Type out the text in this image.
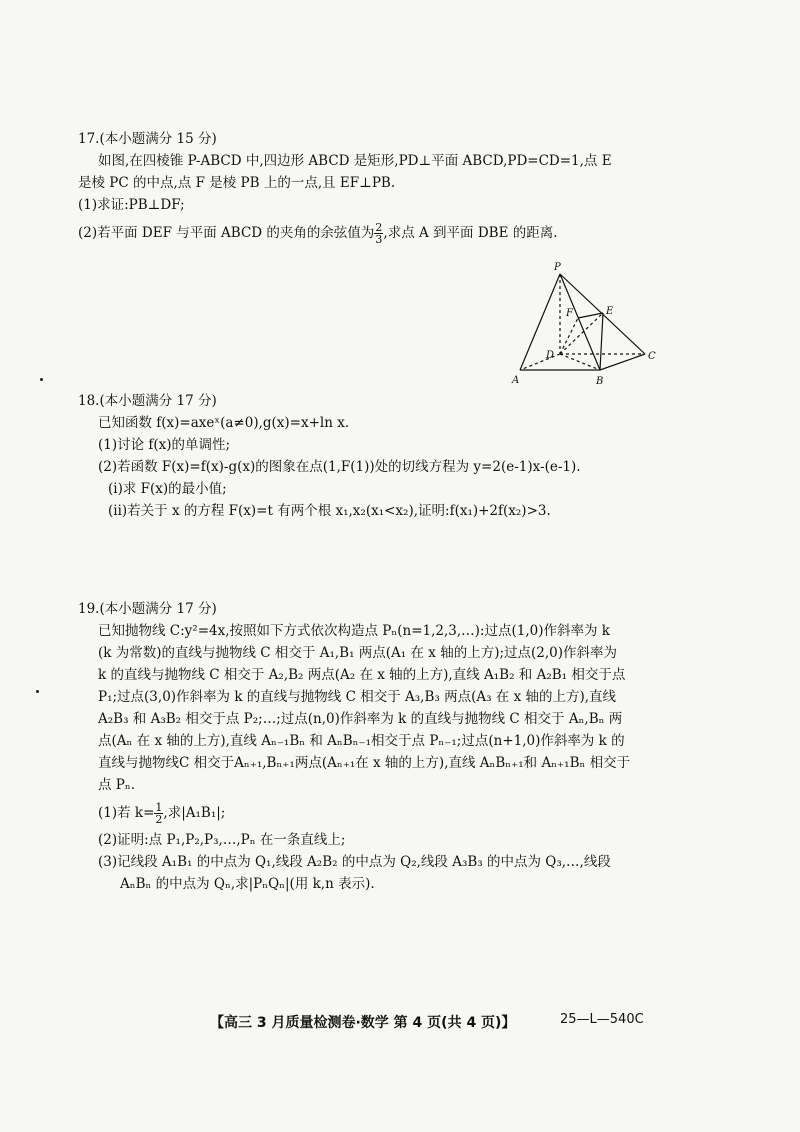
17.(本小题满分 15 分)
如图,在四棱锥 P-ABCD 中,四边形 ABCD 是矩形,PD⊥平面 ABCD,PD=CD=1,点 E
是棱 PC 的中点,点 F 是棱 PB 上的一点,且 EF⊥PB.
(1)求证:PB⊥DF;
(2)若平面 DEF 与平面 ABCD 的夹角的余弦值为 $\frac{2}{3}$ ,求点 A 到平面 DBE 的距离.
P
F	E
D	C
A	B
18.(本小题满分 17 分)
已知函数 f(x)=axeˣ(a≠0),g(x)=x+ln x.
(1)讨论 f(x)的单调性;
(2)若函数 F(x)=f(x)-g(x)的图象在点(1,F(1))处的切线方程为 y=2(e-1)x-(e-1).
(ⅰ)求 F(x)的最小值;
(ⅱ)若关于 x 的方程 F(x)=t 有两个根 x₁,x₂(x₁<x₂),证明:f(x₁)+2f(x₂)>3.
19.(本小题满分 17 分)
已知抛物线 C:y²=4x,按照如下方式依次构造点 Pₙ(n=1,2,3,…):过点(1,0)作斜率为 k
(k 为常数)的直线与抛物线 C 相交于 A₁,B₁ 两点(A₁ 在 x 轴的上方);过点(2,0)作斜率为
k 的直线与抛物线 C 相交于 A₂,B₂ 两点(A₂ 在 x 轴的上方),直线 A₁B₂ 和 A₂B₁ 相交于点
P₁;过点(3,0)作斜率为 k 的直线与抛物线 C 相交于 A₃,B₃ 两点(A₃ 在 x 轴的上方),直线
A₂B₃ 和 A₃B₂ 相交于点 P₂;…;过点(n,0)作斜率为 k 的直线与抛物线 C 相交于 Aₙ,Bₙ 两
点(Aₙ 在 x 轴的上方),直线 Aₙ₋₁Bₙ 和 AₙBₙ₋₁相交于点 Pₙ₋₁;过点(n+1,0)作斜率为 k 的
直线与抛物线C 相交于Aₙ₊₁,Bₙ₊₁两点(Aₙ₊₁在 x 轴的上方),直线 AₙBₙ₊₁和 Aₙ₊₁Bₙ 相交于
点 Pₙ.
(1)若 $k= \frac{1}{2}$ ,求|A₁B₁|;
(2)证明:点 P₁,P₂,P₃,…,Pₙ 在一条直线上;
(3)记线段 A₁B₁ 的中点为 Q₁,线段 A₂B₂ 的中点为 Q₂,线段 A₃B₃ 的中点为 Q₃,…,线段
AₙBₙ 的中点为 Qₙ,求|PₙQₙ|(用 k,n 表示).
【高三 3 月质量检测卷·数学 第 4 页(共 4 页)】	25—L—540C
